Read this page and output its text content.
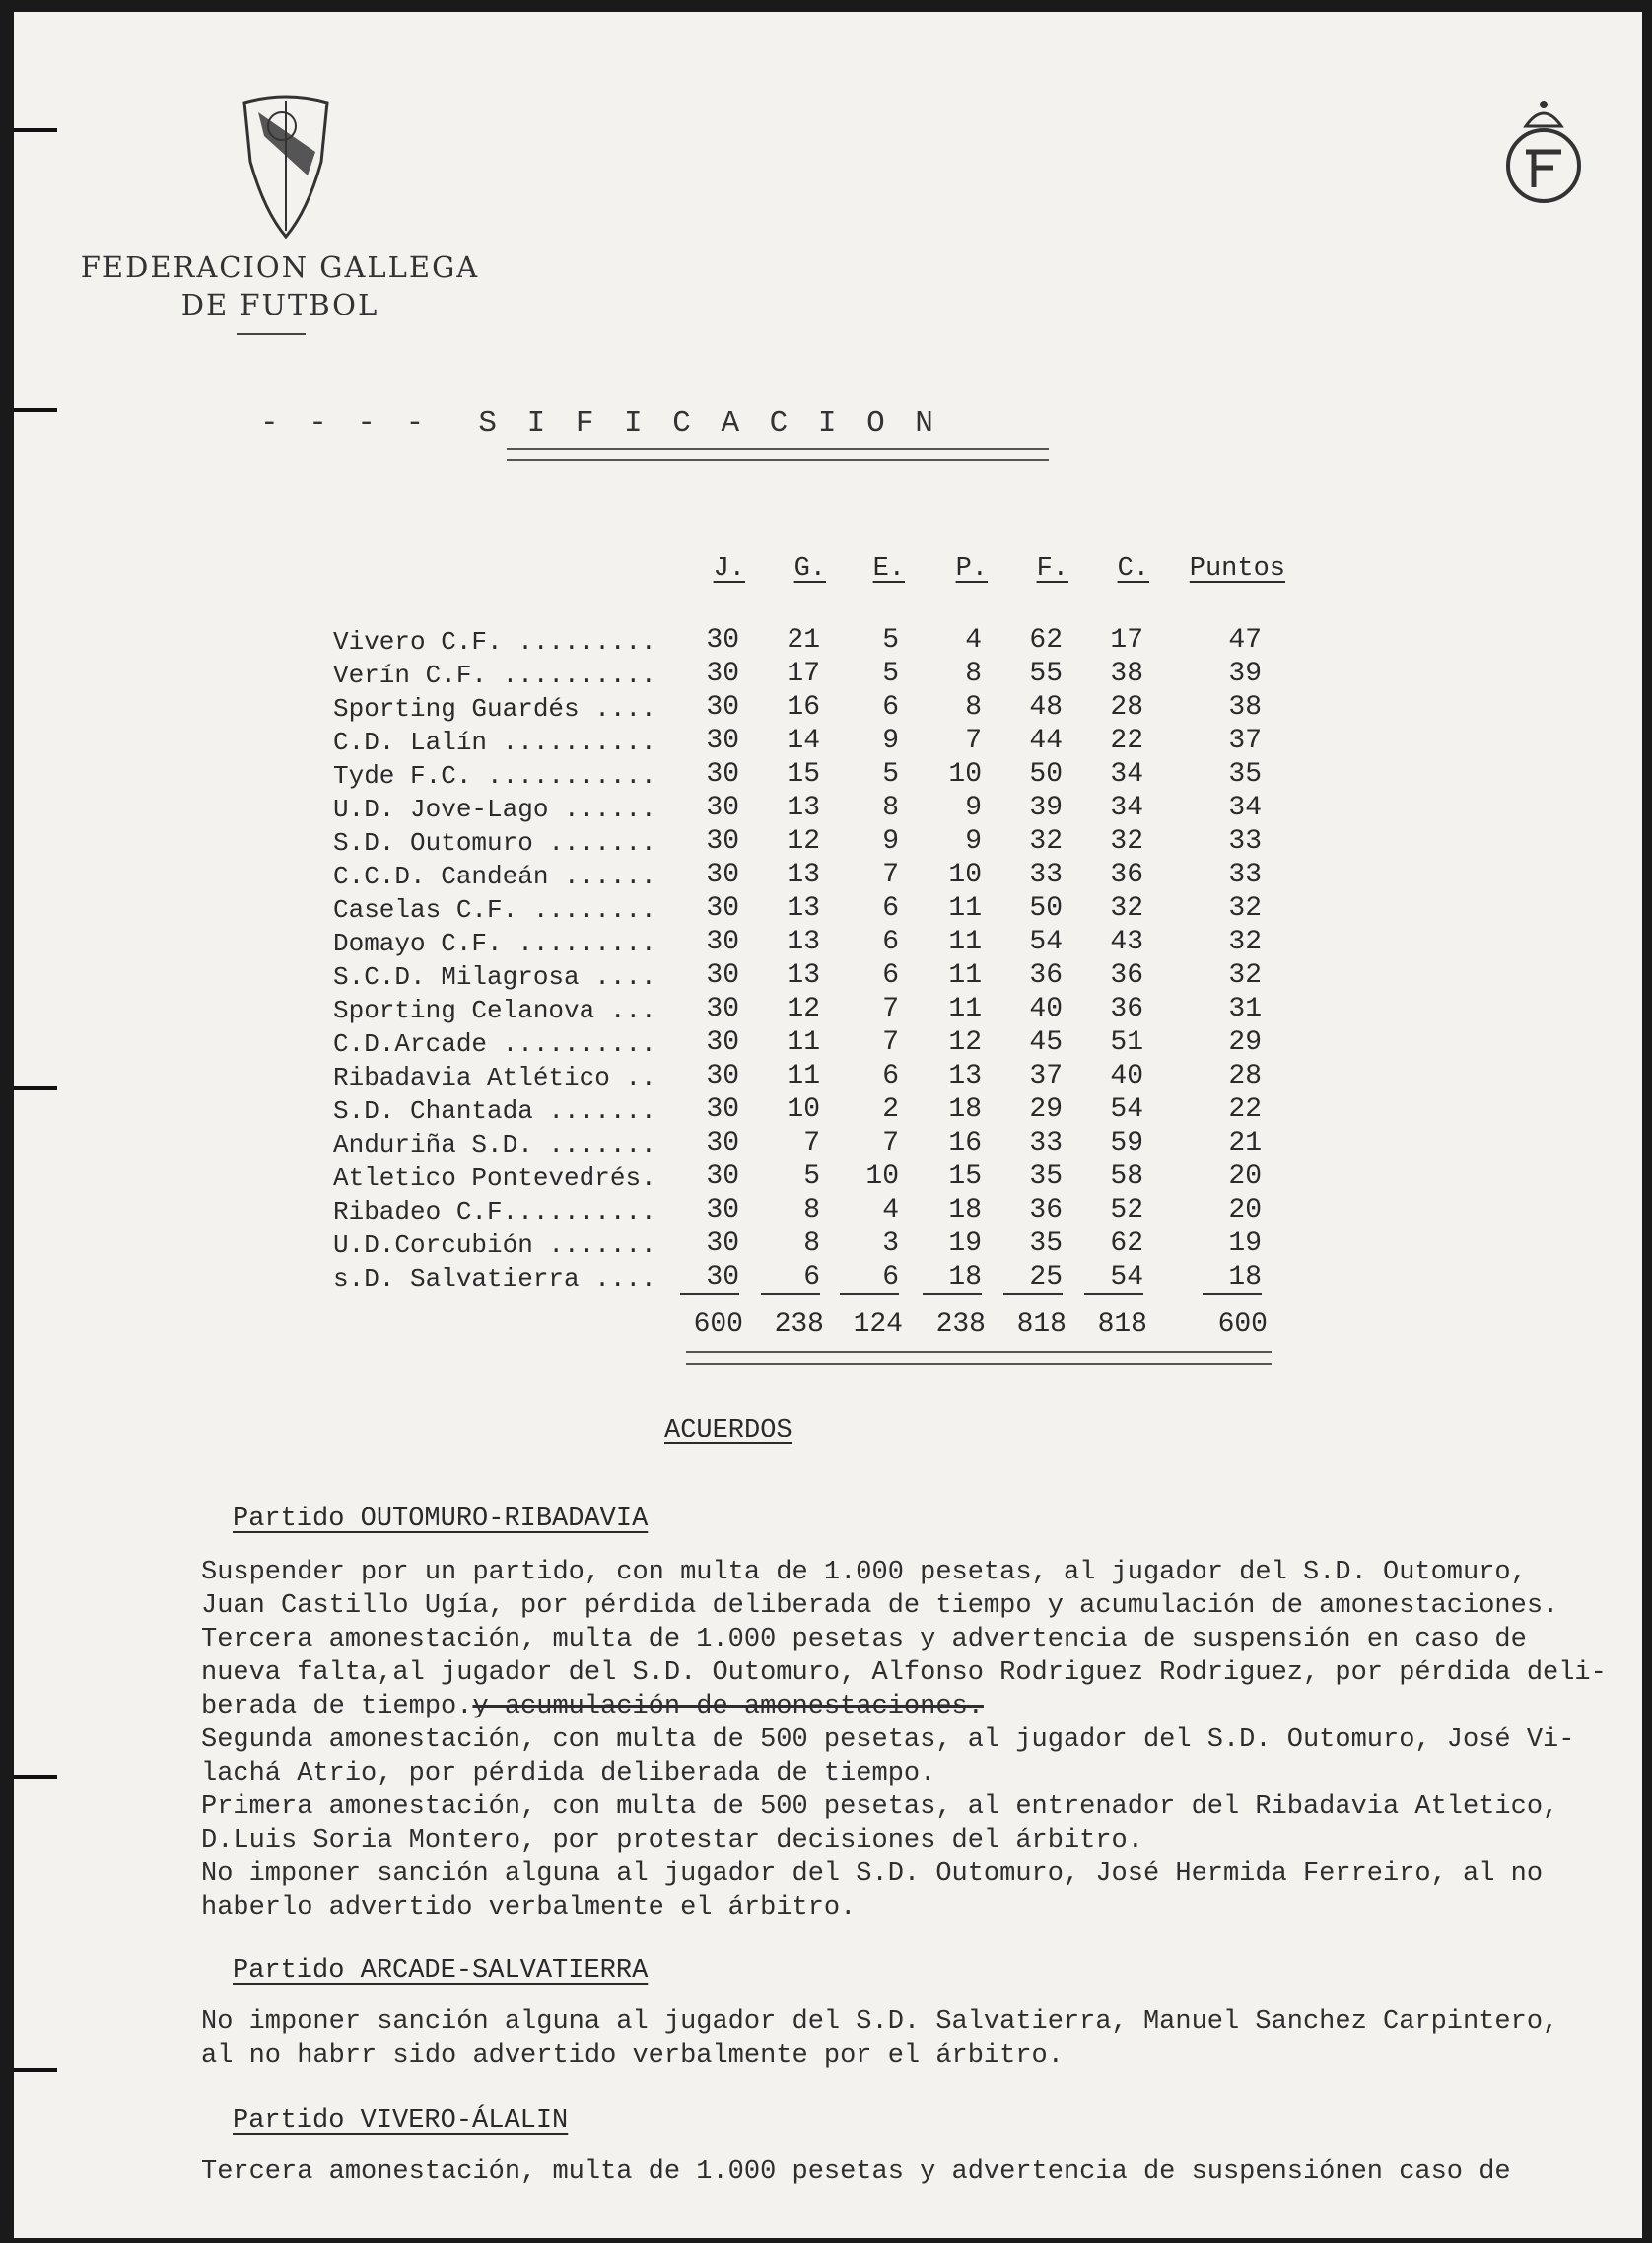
FEDERACION GALLEGA
DE FUTBOL
- - - -  S I F I C A C I O N
J.	G.	E.	P.	F.	C.	Puntos
Vivero C.F. .........	30	21	5	4	62	17	47
Verín C.F. ..........	30	17	5	8	55	38	39
Sporting Guardés ....	30	16	6	8	48	28	38
C.D. Lalín ..........	30	14	9	7	44	22	37
Tyde F.C. ...........	30	15	5	10	50	34	35
U.D. Jove-Lago ......	30	13	8	9	39	34	34
S.D. Outomuro .......	30	12	9	9	32	32	33
C.C.D. Candeán ......	30	13	7	10	33	36	33
Caselas C.F. ........	30	13	6	11	50	32	32
Domayo C.F. .........	30	13	6	11	54	43	32
S.C.D. Milagrosa ....	30	13	6	11	36	36	32
Sporting Celanova ...	30	12	7	11	40	36	31
C.D.Arcade ..........	30	11	7	12	45	51	29
Ribadavia Atlético ..	30	11	6	13	37	40	28
S.D. Chantada .......	30	10	2	18	29	54	22
Anduriña S.D. .......	30	7	7	16	33	59	21
Atletico Pontevedrés.	30	5	10	15	35	58	20
Ribadeo C.F..........	30	8	4	18	36	52	20
U.D.Corcubión .......	30	8	3	19	35	62	19
s.D. Salvatierra ....	30	6	6	18	25	54	18
600	238	124	238	818	818	600
ACUERDOS
Partido OUTOMURO-RIBADAVIA
Suspender por un partido, con multa de 1.000 pesetas, al jugador del S.D. Outomuro,
Juan Castillo Ugía, por pérdida deliberada de tiempo y acumulación de amonestaciones.
Tercera amonestación, multa de 1.000 pesetas y advertencia de suspensión en caso de
nueva falta,al jugador del S.D. Outomuro, Alfonso Rodriguez Rodriguez, por pérdida deli-
berada de tiempo.y acumulación de amonestaciones.
Segunda amonestación, con multa de 500 pesetas, al jugador del S.D. Outomuro, José Vi-
lachá Atrio, por pérdida deliberada de tiempo.
Primera amonestación, con multa de 500 pesetas, al entrenador del Ribadavia Atletico,
D.Luis Soria Montero, por protestar decisiones del árbitro.
No imponer sanción alguna al jugador del S.D. Outomuro, José Hermida Ferreiro, al no
haberlo advertido verbalmente el árbitro.
Partido ARCADE-SALVATIERRA
No imponer sanción alguna al jugador del S.D. Salvatierra, Manuel Sanchez Carpintero,
al no habrr sido advertido verbalmente por el árbitro.
Partido VIVERO-ÁLALIN
Tercera amonestación, multa de 1.000 pesetas y advertencia de suspensiónen caso de
